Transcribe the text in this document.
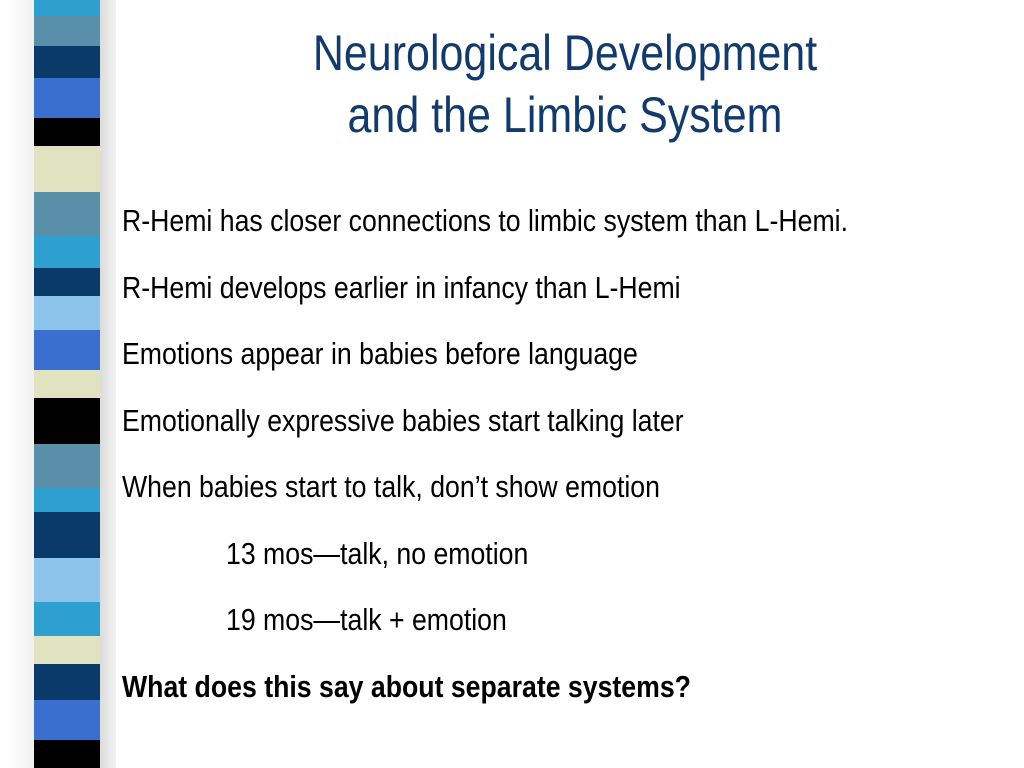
Neurological Development
and the Limbic System
R-Hemi has closer connections to limbic system than L-Hemi.
R-Hemi develops earlier in infancy than L-Hemi
Emotions appear in babies before language
Emotionally expressive babies start talking later
When babies start to talk, don’t show emotion
13 mos—talk, no emotion
19 mos—talk + emotion
What does this say about separate systems?
